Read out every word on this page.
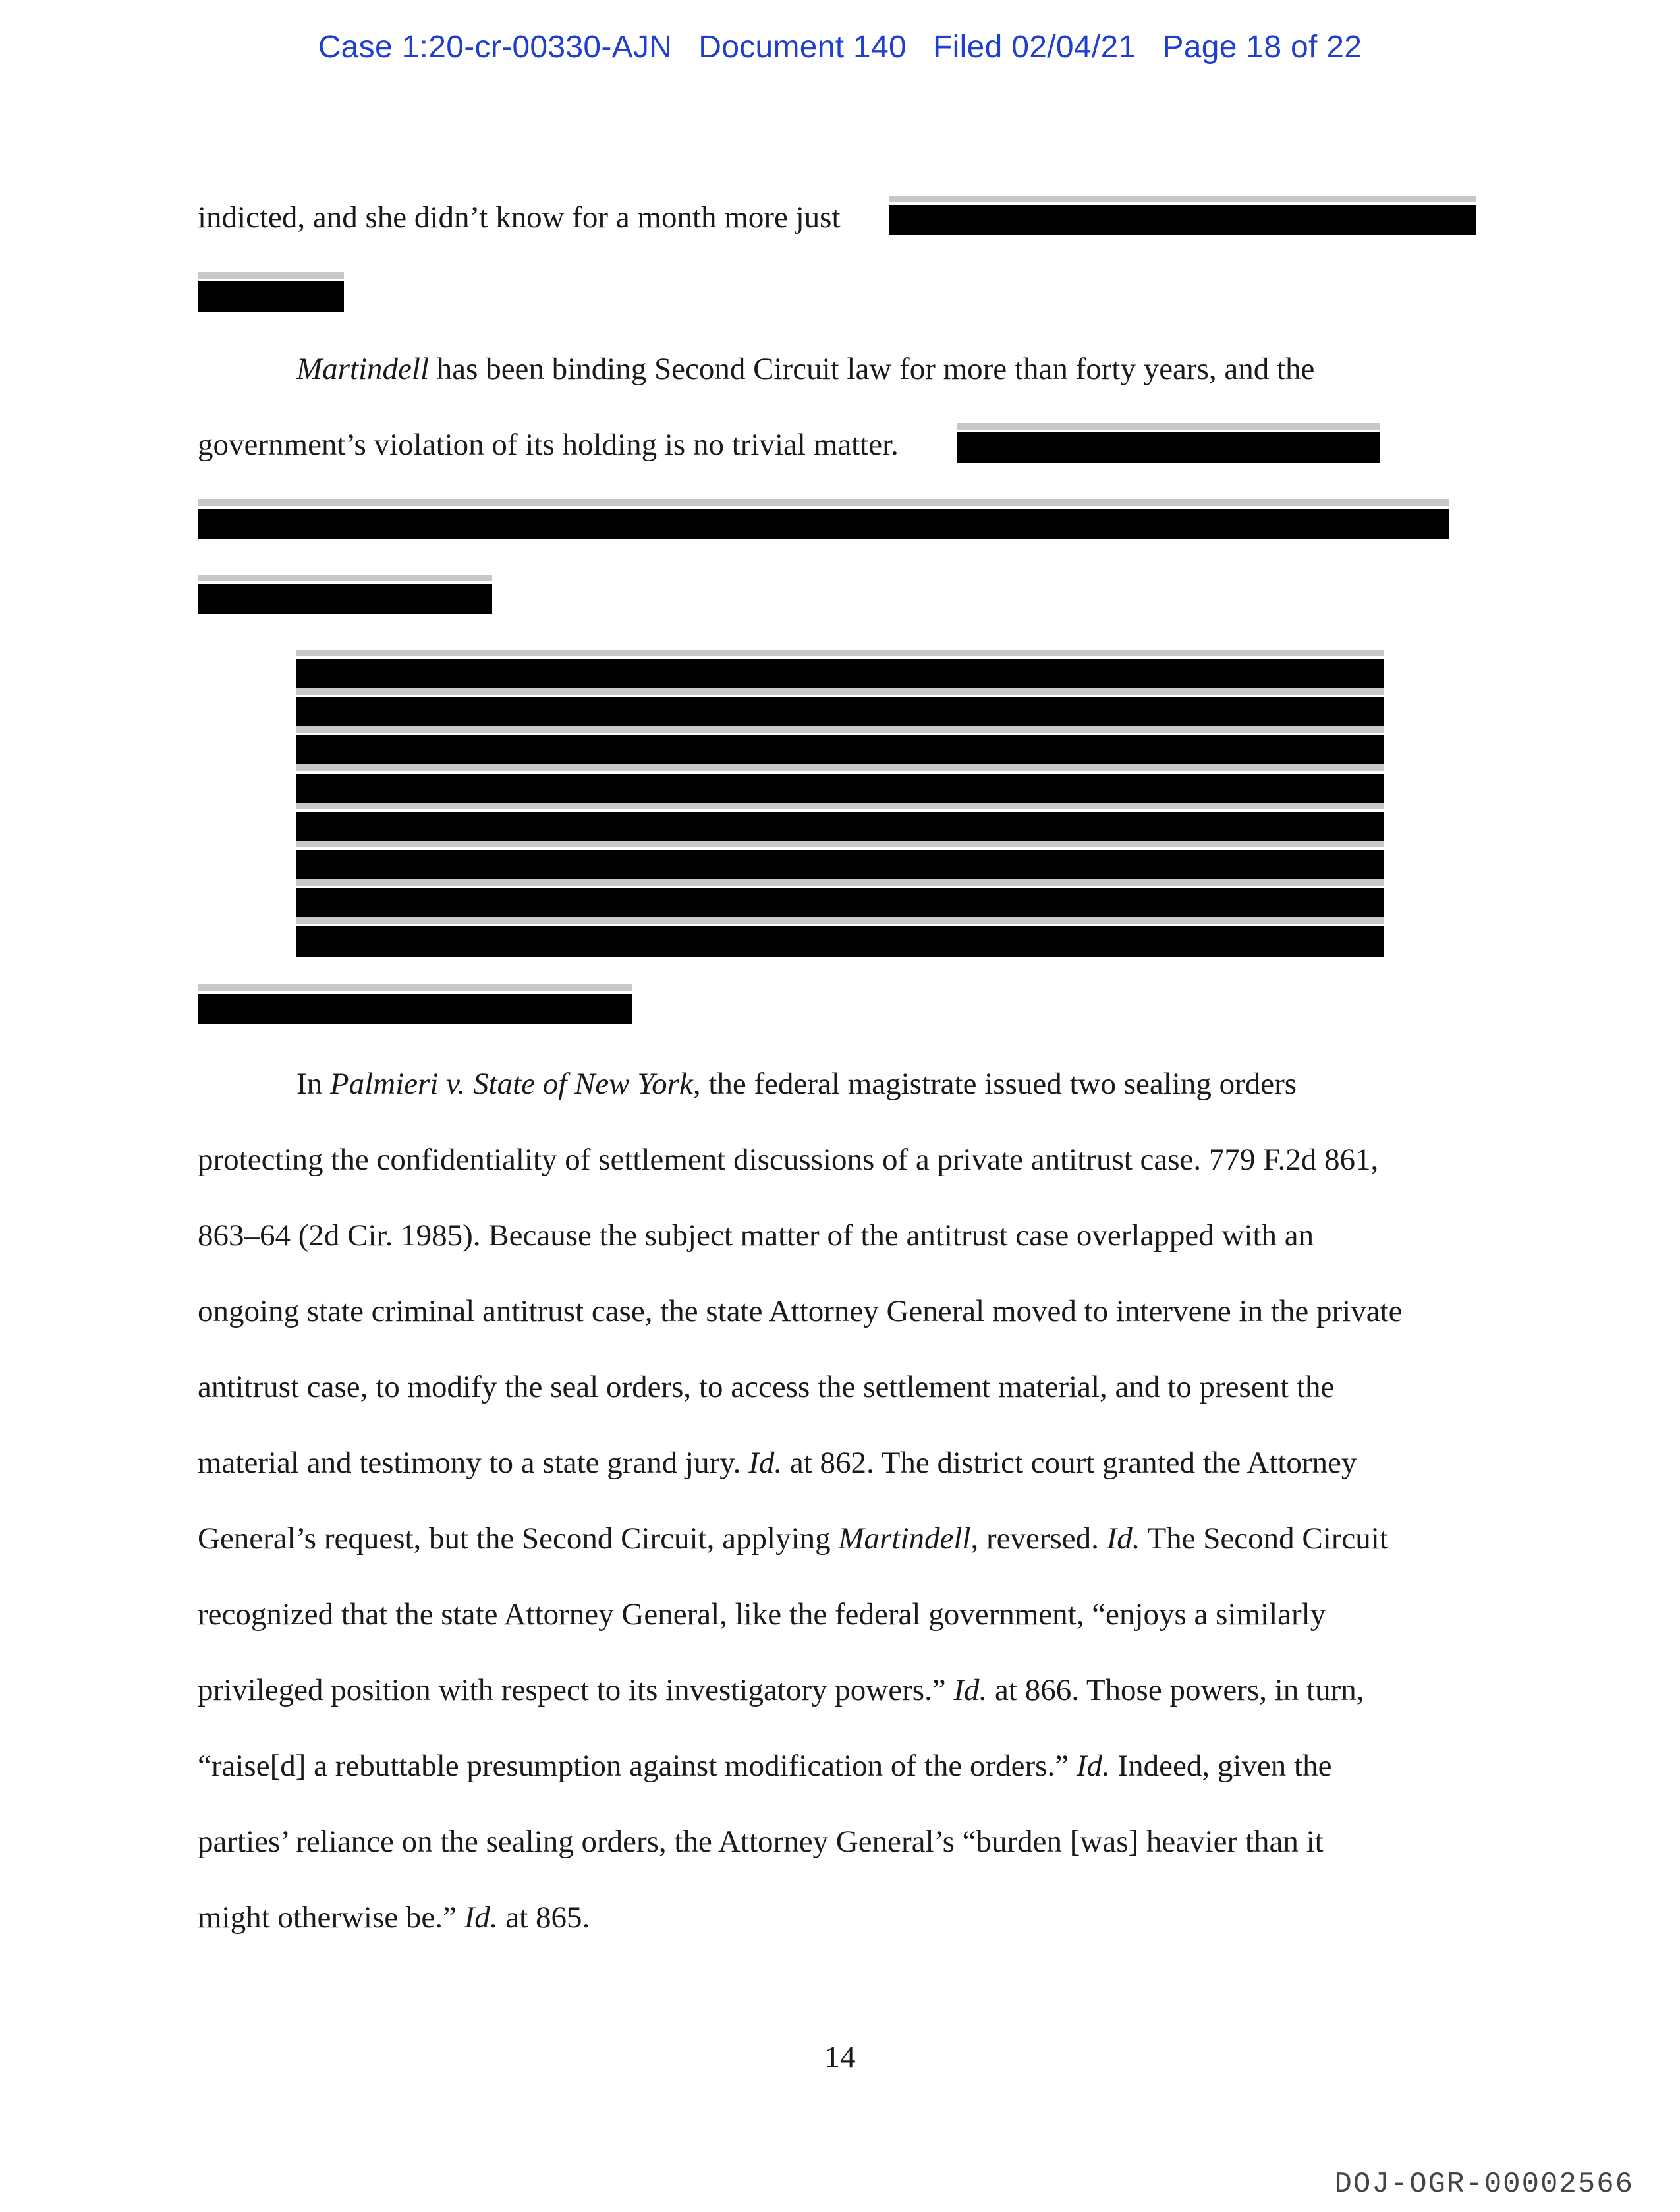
Case 1:20-cr-00330-AJN Document 140 Filed 02/04/21 Page 18 of 22
indicted, and she didn’t know for a month more just
Martindell has been binding Second Circuit law for more than forty years, and the
government’s violation of its holding is no trivial matter.
In Palmieri v. State of New York, the federal magistrate issued two sealing orders
protecting the confidentiality of settlement discussions of a private antitrust case. 779 F.2d 861,
863–64 (2d Cir. 1985). Because the subject matter of the antitrust case overlapped with an
ongoing state criminal antitrust case, the state Attorney General moved to intervene in the private
antitrust case, to modify the seal orders, to access the settlement material, and to present the
material and testimony to a state grand jury. Id. at 862. The district court granted the Attorney
General’s request, but the Second Circuit, applying Martindell, reversed. Id. The Second Circuit
recognized that the state Attorney General, like the federal government, “enjoys a similarly
privileged position with respect to its investigatory powers.” Id. at 866. Those powers, in turn,
“raise[d] a rebuttable presumption against modification of the orders.” Id. Indeed, given the
parties’ reliance on the sealing orders, the Attorney General’s “burden [was] heavier than it
might otherwise be.” Id. at 865.
14
DOJ-OGR-00002566
